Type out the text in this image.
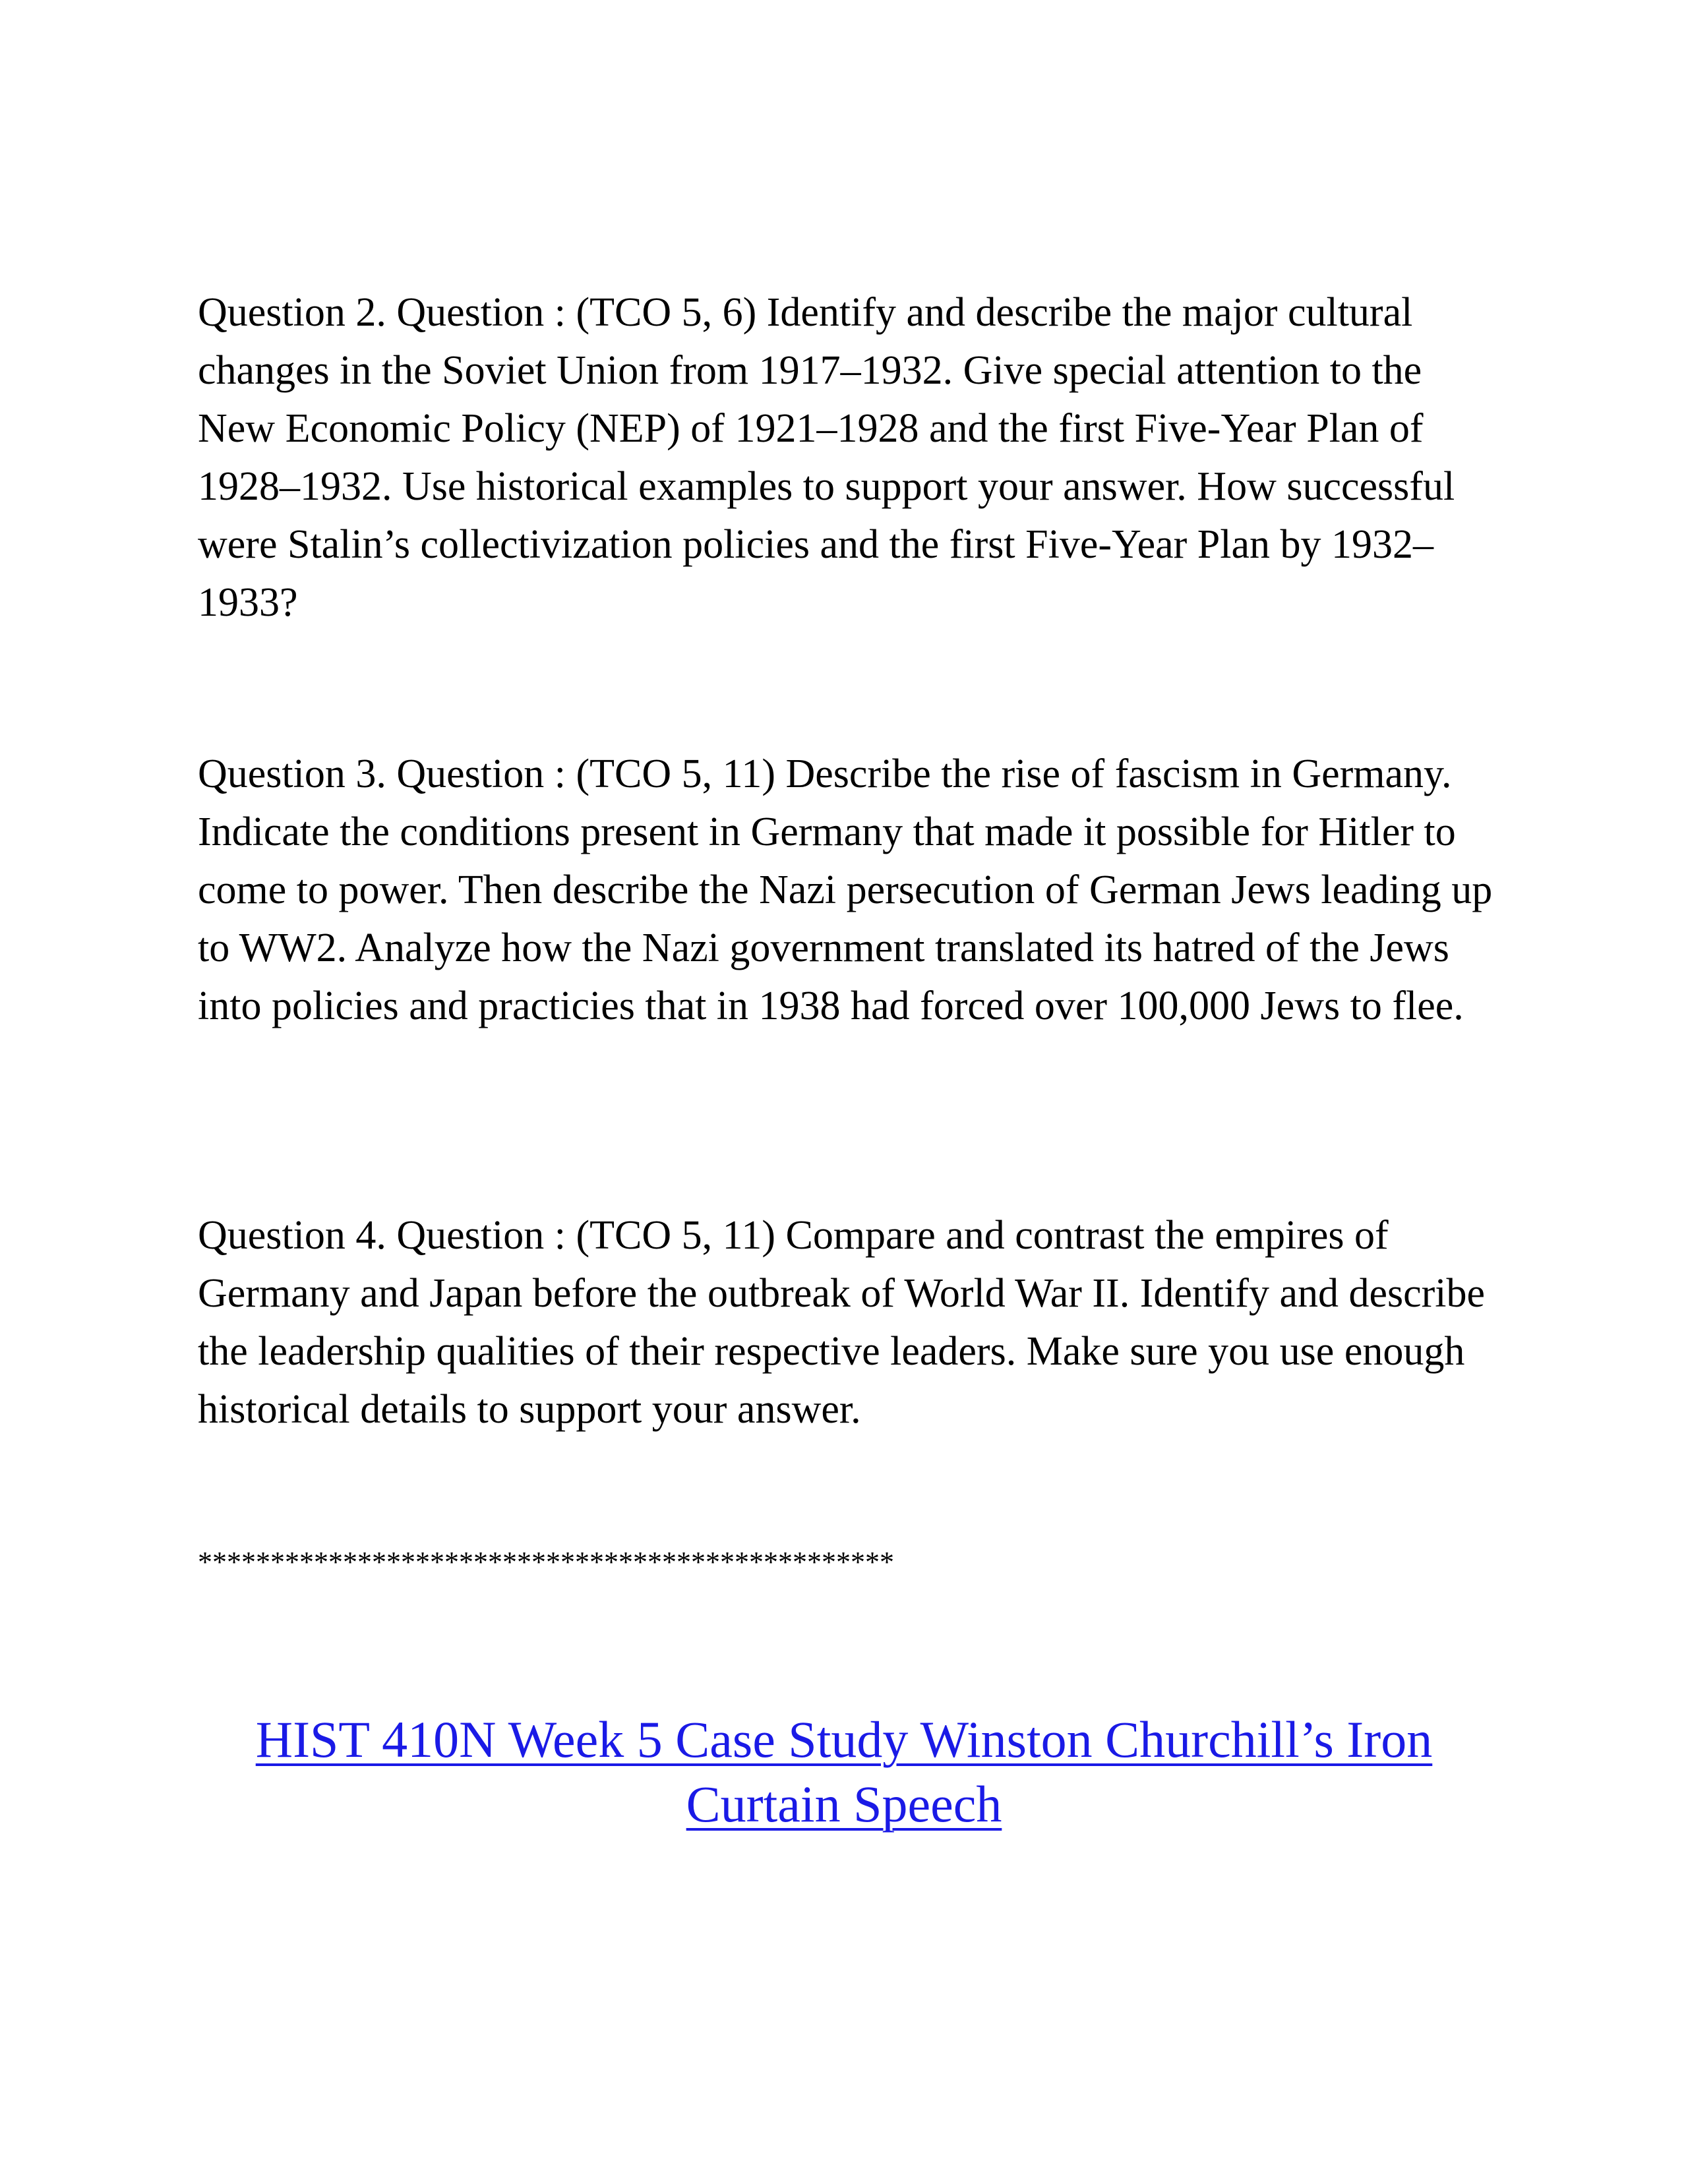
Question 2. Question : (TCO 5, 6) Identify and describe the major cultural changes in the Soviet Union from 1917–1932. Give special attention to the New Economic Policy (NEP) of 1921–1928 and the first Five-Year Plan of 1928–1932. Use historical examples to support your answer. How successful were Stalin’s collectivization policies and the first Five-Year Plan by 1932–1933?

Question 3. Question : (TCO 5, 11) Describe the rise of fascism in Germany. Indicate the conditions present in Germany that made it possible for Hitler to come to power. Then describe the Nazi persecution of German Jews leading up to WW2. Analyze how the Nazi government translated its hatred of the Jews into policies and practicies that in 1938 had forced over 100,000 Jews to flee.

Question 4. Question : (TCO 5, 11) Compare and contrast the empires of Germany and Japan before the outbreak of World War II. Identify and describe the leadership qualities of their respective leaders. Make sure you use enough historical details to support your answer.

************************************************

HIST 410N Week 5 Case Study Winston Churchill’s Iron Curtain Speech
